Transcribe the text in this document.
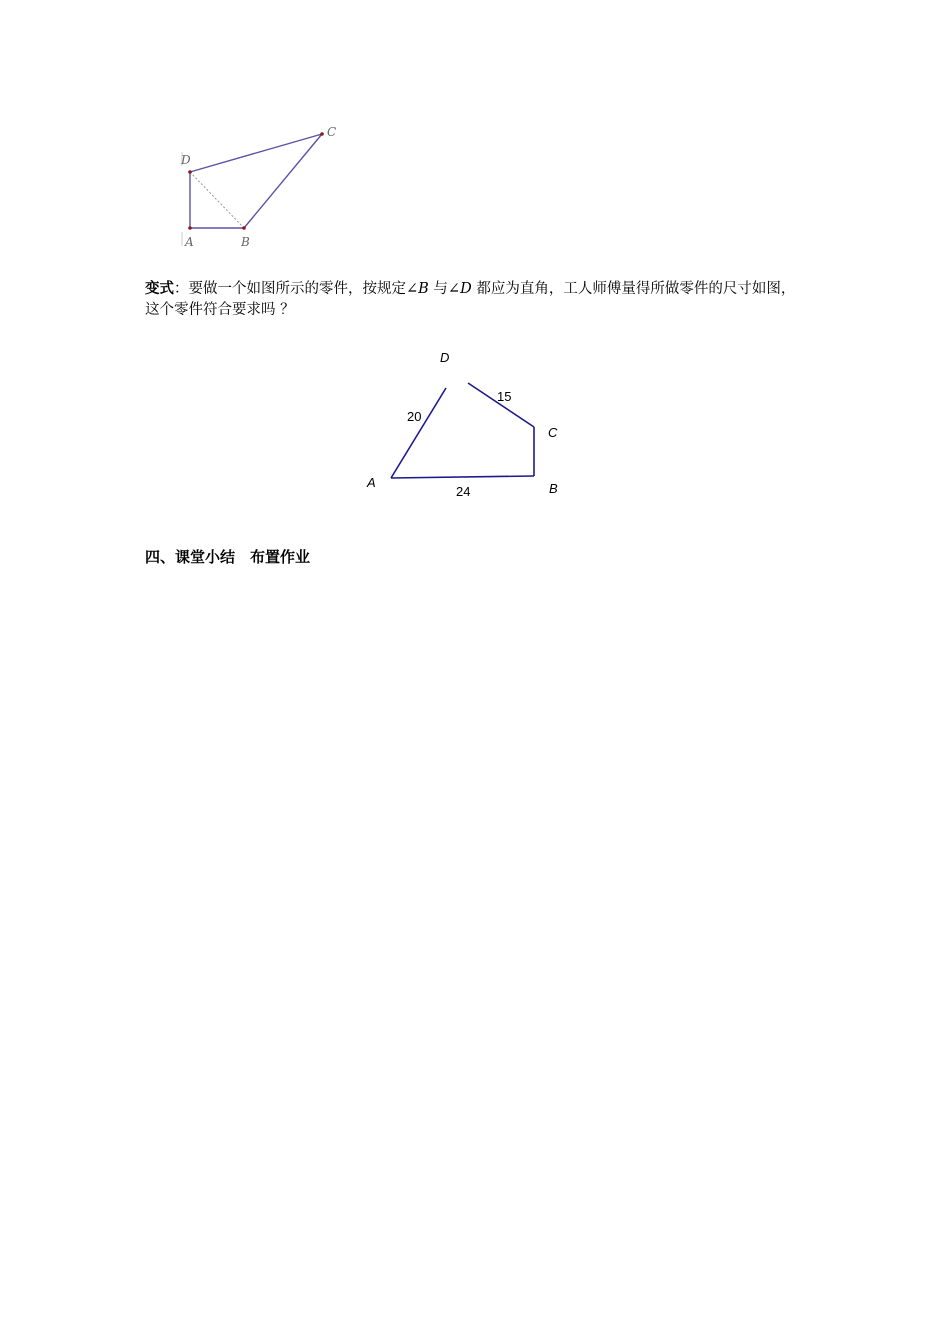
D
A	B
C
变式：要做一个如图所示的零件，按规定∠B 与∠D 都应为直角，工人师傅量得所做零件的尺寸如图，这个零件符合要求吗 ？
D
C
B
A
20
15
24
四、课堂小结　布置作业
